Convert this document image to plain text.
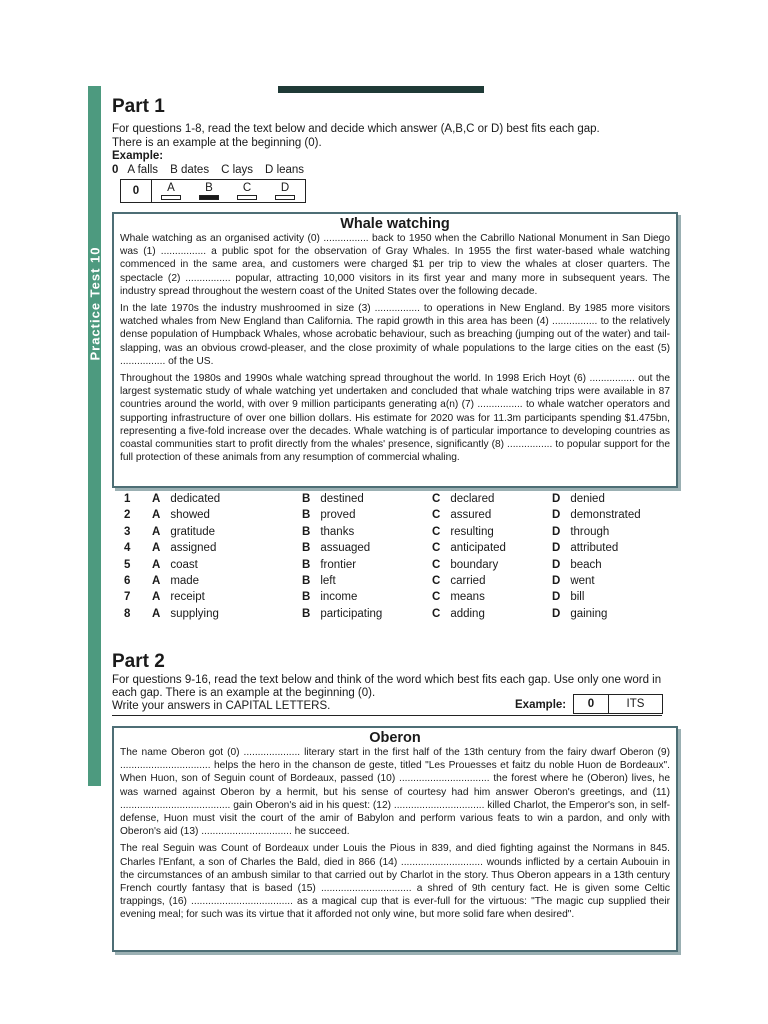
Practice Test 10
Part 1

For questions 1-8, read the text below and decide which answer (A,B,C or D) best fits each gap.
There is an example at the beginning (0).

Example:
0 A falls B dates C lays D leans
0	A	B	C	D
Whale watching

Whale watching as an organised activity (0) ................ back to 1950 when the Cabrillo National Monument in San Diego was (1) ................ a public spot for the observation of Gray Whales. In 1955 the first water-based whale watching commenced in the same area, and customers were charged $1 per trip to view the whales at closer quarters. The spectacle (2) ................ popular, attracting 10,000 visitors in its first year and many more in subsequent years. The industry spread throughout the western coast of the United States over the following decade.

In the late 1970s the industry mushroomed in size (3) ................ to operations in New England. By 1985 more visitors watched whales from New England than California. The rapid growth in this area has been (4) ................ to the relatively dense population of Humpback Whales, whose acrobatic behaviour, such as breaching (jumping out of the water) and tail-slapping, was an obvious crowd-pleaser, and the close proximity of whale populations to the large cities on the east (5) ................ of the US.

Throughout the 1980s and 1990s whale watching spread throughout the world. In 1998 Erich Hoyt (6) ................ out the largest systematic study of whale watching yet undertaken and concluded that whale watching trips were available in 87 countries around the world, with over 9 million participants generating a(n) (7) ................ to whale watcher operators and supporting infrastructure of over one billion dollars. His estimate for 2020 was for 11.3m participants spending $1.475bn, representing a five-fold increase over the decades. Whale watching is of particular importance to developing countries as coastal communities start to profit directly from the whales' presence, significantly (8) ................ to popular support for the full protection of these animals from any resumption of commercial whaling.

1 A dedicated	B destined	C declared	D denied
2 A showed	B proved	C assured	D demonstrated
3 A gratitude	B thanks	C resulting	D through
4 A assigned	B assuaged	C anticipated	D attributed
5 A coast	B frontier	C boundary	D beach
6 A made	B left	C carried	D went
7 A receipt	B income	C means	D bill
8 A supplying	B participating	C adding	D gaining
Part 2

For questions 9-16, read the text below and think of the word which best fits each gap. Use only one word in each gap. There is an example at the beginning (0).
Write your answers in CAPITAL LETTERS.	Example:	0	ITS
Oberon

The name Oberon got (0) .................... literary start in the first half of the 13th century from the fairy dwarf Oberon (9) ................................ helps the hero in the chanson de geste, titled "Les Prouesses et faitz du noble Huon de Bordeaux". When Huon, son of Seguin count of Bordeaux, passed (10) ................................ the forest where he (Oberon) lives, he was warned against Oberon by a hermit, but his sense of courtesy had him answer Oberon's greetings, and (11) ....................................... gain Oberon's aid in his quest: (12) ................................ killed Charlot, the Emperor's son, in self-defense, Huon must visit the court of the amir of Babylon and perform various feats to win a pardon, and only with Oberon's aid (13) ................................ he succeed.

The real Seguin was Count of Bordeaux under Louis the Pious in 839, and died fighting against the Normans in 845. Charles l'Enfant, a son of Charles the Bald, died in 866 (14) ............................. wounds inflicted by a certain Aubouin in the circumstances of an ambush similar to that carried out by Charlot in the story. Thus Oberon appears in a 13th century French courtly fantasy that is based (15) ................................ a shred of 9th century fact. He is given some Celtic trappings, (16) .................................... as a magical cup that is ever-full for the virtuous: "The magic cup supplied their evening meal; for such was its virtue that it afforded not only wine, but more solid fare when desired".
